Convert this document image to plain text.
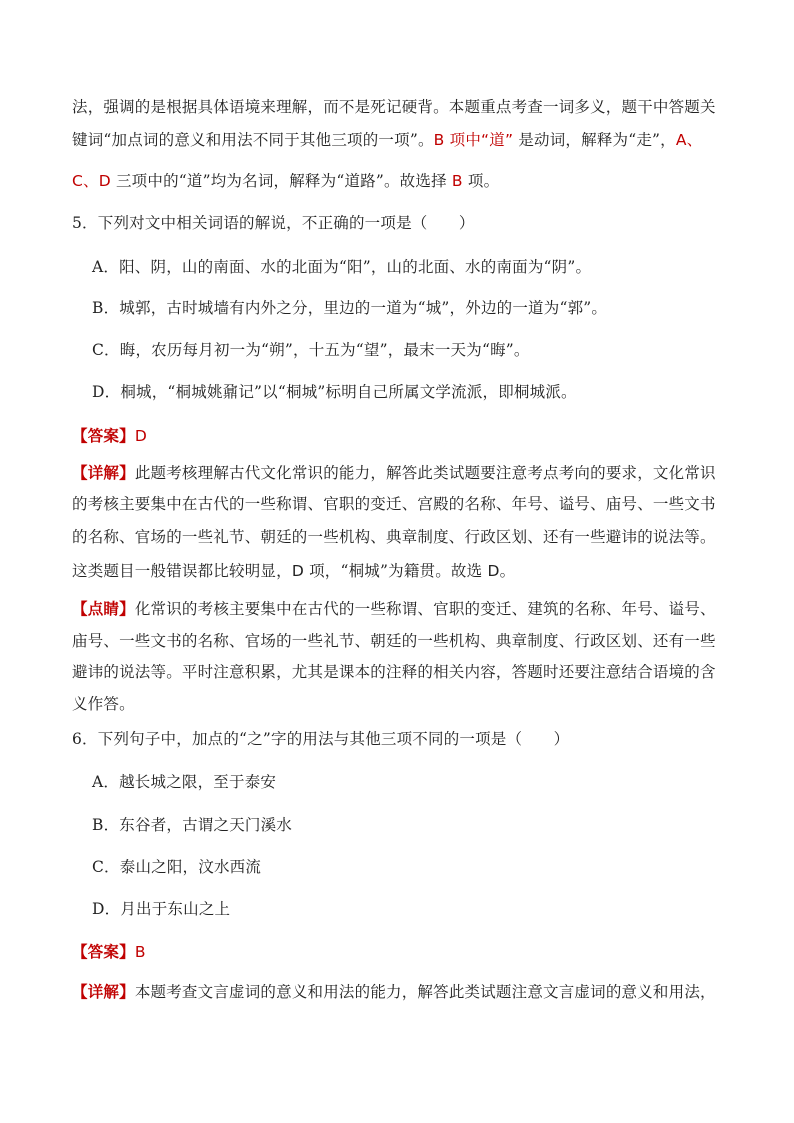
法，强调的是根据具体语境来理解，而不是死记硬背。本题重点考查一词多义，题干中答题关
键词“加点词的意义和用法不同于其他三项的一项”。B 项中“道” 是动词，解释为“走”，A、
C、D 三项中的“道”均为名词，解释为“道路”。故选择 B 项。
5．下列对文中相关词语的解说，不正确的一项是（　　）
A．阳、阴，山的南面、水的北面为“阳”，山的北面、水的南面为“阴”。
B．城郭，古时城墙有内外之分，里边的一道为“城”，外边的一道为“郭”。
C．晦，农历每月初一为“朔”，十五为“望”，最末一天为“晦”。
D．桐城，“桐城姚鼐记”以“桐城”标明自己所属文学流派，即桐城派。
【答案】D
【详解】此题考核理解古代文化常识的能力，解答此类试题要注意考点考向的要求，文化常识
的考核主要集中在古代的一些称谓、官职的变迁、宫殿的名称、年号、谥号、庙号、一些文书
的名称、官场的一些礼节、朝廷的一些机构、典章制度、行政区划、还有一些避讳的说法等。
这类题目一般错误都比较明显，D 项，“桐城”为籍贯。故选 D。
【点睛】化常识的考核主要集中在古代的一些称谓、官职的变迁、建筑的名称、年号、谥号、
庙号、一些文书的名称、官场的一些礼节、朝廷的一些机构、典章制度、行政区划、还有一些
避讳的说法等。平时注意积累，尤其是课本的注释的相关内容，答题时还要注意结合语境的含
义作答。
6．下列句子中，加点的“之”字的用法与其他三项不同的一项是（　　）
A．越长城之限，至于泰安
B．东谷者，古谓之天门溪水
C．泰山之阳，汶水西流
D．月出于东山之上
【答案】B
【详解】本题考查文言虚词的意义和用法的能力，解答此类试题注意文言虚词的意义和用法，
